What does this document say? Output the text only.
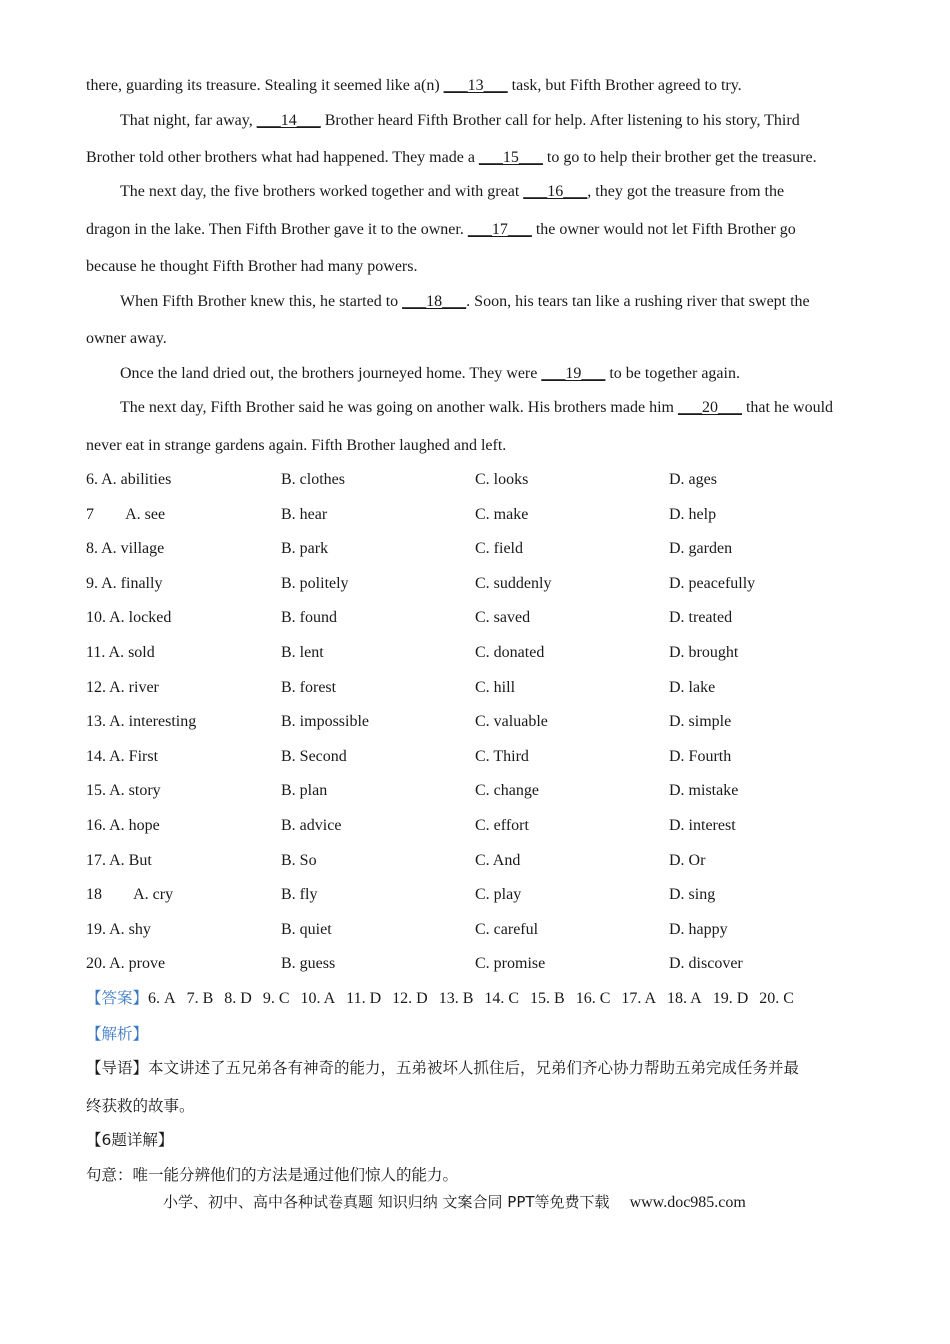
there, guarding its treasure. Stealing it seemed like a(n) ___13___ task, but Fifth Brother agreed to try.
That night, far away, ___14___ Brother heard Fifth Brother call for help. After listening to his story, Third
Brother told other brothers what had happened. They made a ___15___ to go to help their brother get the treasure.
The next day, the five brothers worked together and with great ___16___, they got the treasure from the
dragon in the lake. Then Fifth Brother gave it to the owner. ___17___ the owner would not let Fifth Brother go
because he thought Fifth Brother had many powers.
When Fifth Brother knew this, he started to ___18___. Soon, his tears tan like a rushing river that swept the
owner away.
Once the land dried out, the brothers journeyed home. They were ___19___ to be together again.
The next day, Fifth Brother said he was going on another walk. His brothers made him ___20___ that he would
never eat in strange gardens again. Fifth Brother laughed and left.
6. A. abilities	B. clothes	C. looks	D. ages
7        A. see	B. hear	C. make	D. help
8. A. village	B. park	C. field	D. garden
9. A. finally	B. politely	C. suddenly	D. peacefully
10. A. locked	B. found	C. saved	D. treated
11. A. sold	B. lent	C. donated	D. brought
12. A. river	B. forest	C. hill	D. lake
13. A. interesting	B. impossible	C. valuable	D. simple
14. A. First	B. Second	C. Third	D. Fourth
15. A. story	B. plan	C. change	D. mistake
16. A. hope	B. advice	C. effort	D. interest
17. A. But	B. So	C. And	D. Or
18        A. cry	B. fly	C. play	D. sing
19. A. shy	B. quiet	C. careful	D. happy
20. A. prove	B. guess	C. promise	D. discover
【答案】6. A 7. B 8. D 9. C 10. A 11. D 12. D 13. B 14. C 15. B 16. C 17. A 18. A 19. D 20. C
【解析】
【导语】本文讲述了五兄弟各有神奇的能力，五弟被坏人抓住后，兄弟们齐心协力帮助五弟完成任务并最
终获救的故事。
【6题详解】
句意：唯一能分辨他们的方法是通过他们惊人的能力。
小学、初中、高中各种试卷真题 知识归纳 文案合同 PPT等免费下载 www.doc985.com
